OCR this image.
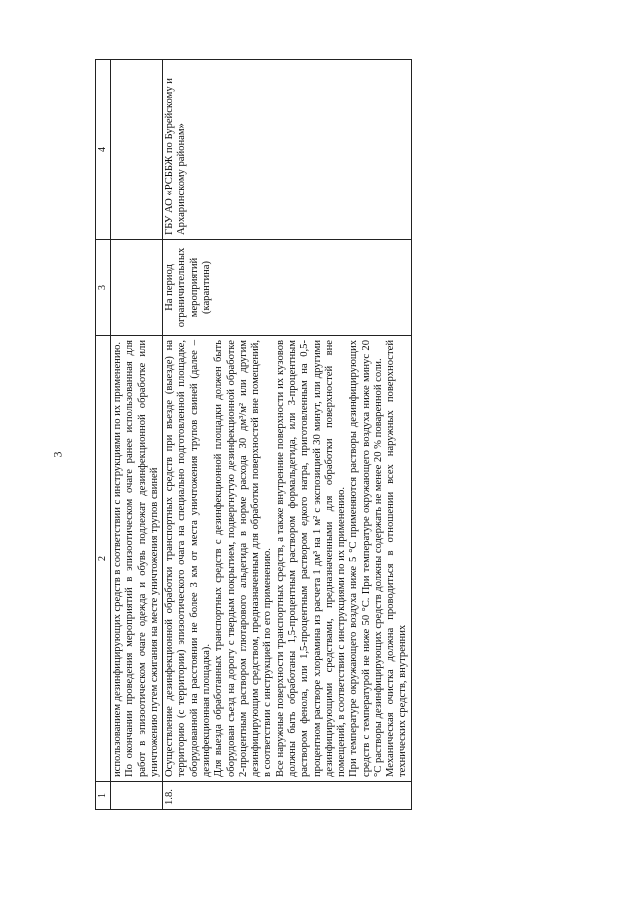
3
1	2	3	4

	использованием дезинфицирующих средств в соответствии с инструкциями по их применению. По окончании проведения мероприятий в эпизоотическом очаге ранее использованная для работ в эпизоотическом очаге одежда и обувь подлежат дезинфекционной обработке или уничтожению путем сжигания на месте уничтожения трупов свиней		

1.8.	Осуществление дезинфекционной обработки транспортных средств при въезде (выезде) на территорию (с территории) эпизоотического очага на специально подготовленной площадке, оборудованной на расстоянии не более 3 км от места уничтожения трупов свиней (далее – дезинфекционная площадка). Для выезда обработанных транспортных средств с дезинфекционной площадки должен быть оборудован съезд на дорогу с твердым покрытием, подвергнутую дезинфекционной обработке 2-процентным раствором глютарового альдегида в норме расхода 30 дм³/м² или другим дезинфицирующим средством, предназначенным для обработки поверхностей вне помещений, в соответствии с инструкцией по его применению. Все наружные поверхности транспортных средств, а также внутренние поверхности их кузовов должны быть обработаны 1,5-процентным раствором формальдегида, или 3-процентным раствором фенола, или 1,5-процентным раствором едкого натра, приготовленным на 0,5-процентном растворе хлорамина из расчета 1 дм³ на 1 м² с экспозицией 30 минут, или другими дезинфицирующими средствами, предназначенными для обработки поверхностей вне помещений, в соответствии с инструкциями по их применению. При температуре окружающего воздуха ниже 5 °С применяются растворы дезинфицирующих средств с температурой не ниже 50 °С. При температуре окружающего воздуха ниже минус 20 °С растворы дезинфицирующих средств должны содержать не менее 20 % поваренной соли. Механическая очистка должна проводиться в отношении всех наружных поверхностей технических средств, внутренних	На период ограничительных мероприятий (карантина)	ГБУ АО «РСББЖ по Бурейскому и Архаринскому районам»
